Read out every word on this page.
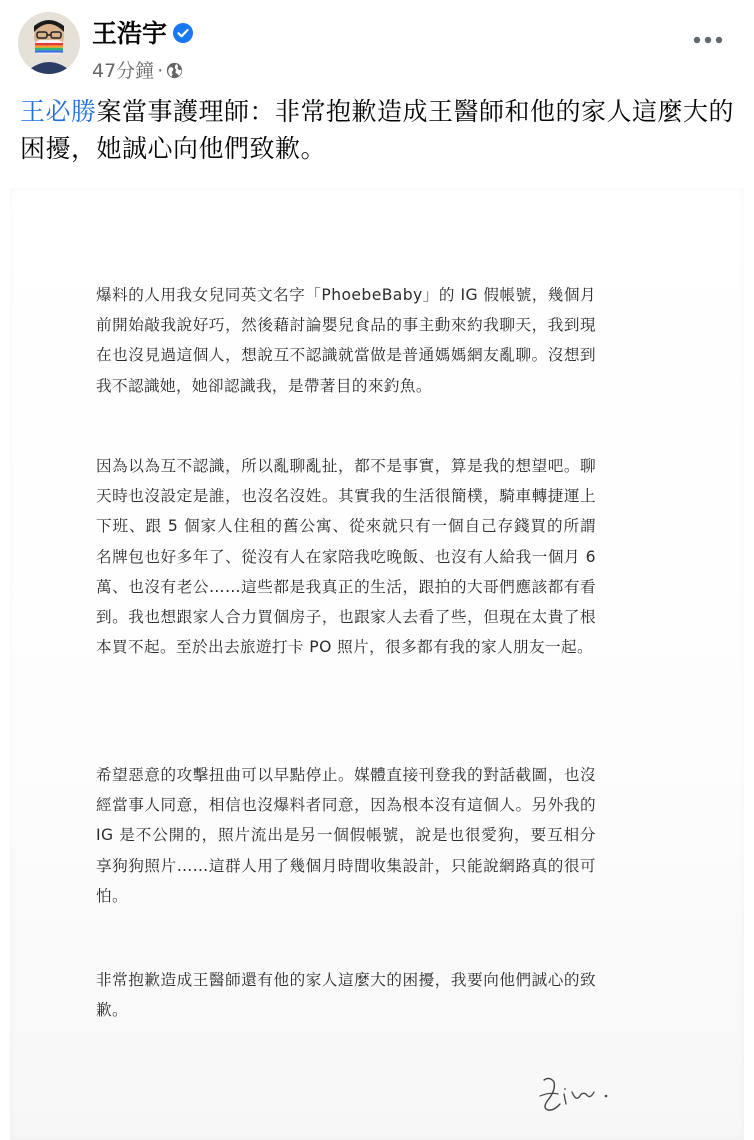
王浩宇
47分鐘 ·
王必勝案當事護理師：非常抱歉造成王醫師和他的家人這麼大的困擾，她誠心向他們致歉。
爆料的人用我女兒同英文名字「PhoebeBaby」的 IG 假帳號，幾個月前開始敲我說好巧，然後藉討論嬰兒食品的事主動來約我聊天，我到現在也沒見過這個人，想說互不認識就當做是普通媽媽網友亂聊。沒想到我不認識她，她卻認識我，是帶著目的來釣魚。
因為以為互不認識，所以亂聊亂扯，都不是事實，算是我的想望吧。聊天時也沒設定是誰，也沒名沒姓。其實我的生活很簡樸，騎車轉捷運上下班、跟 5 個家人住租的舊公寓、從來就只有一個自己存錢買的所謂名牌包也好多年了、從沒有人在家陪我吃晚飯、也沒有人給我一個月 6 萬、也沒有老公……這些都是我真正的生活，跟拍的大哥們應該都有看到。我也想跟家人合力買個房子，也跟家人去看了些，但現在太貴了根本買不起。至於出去旅遊打卡 PO 照片，很多都有我的家人朋友一起。
希望惡意的攻擊扭曲可以早點停止。媒體直接刊登我的對話截圖，也沒經當事人同意，相信也沒爆料者同意，因為根本沒有這個人。另外我的 IG 是不公開的，照片流出是另一個假帳號，說是也很愛狗，要互相分享狗狗照片……這群人用了幾個月時間收集設計，只能說網路真的很可怕。
非常抱歉造成王醫師還有他的家人這麼大的困擾，我要向他們誠心的致歉。
